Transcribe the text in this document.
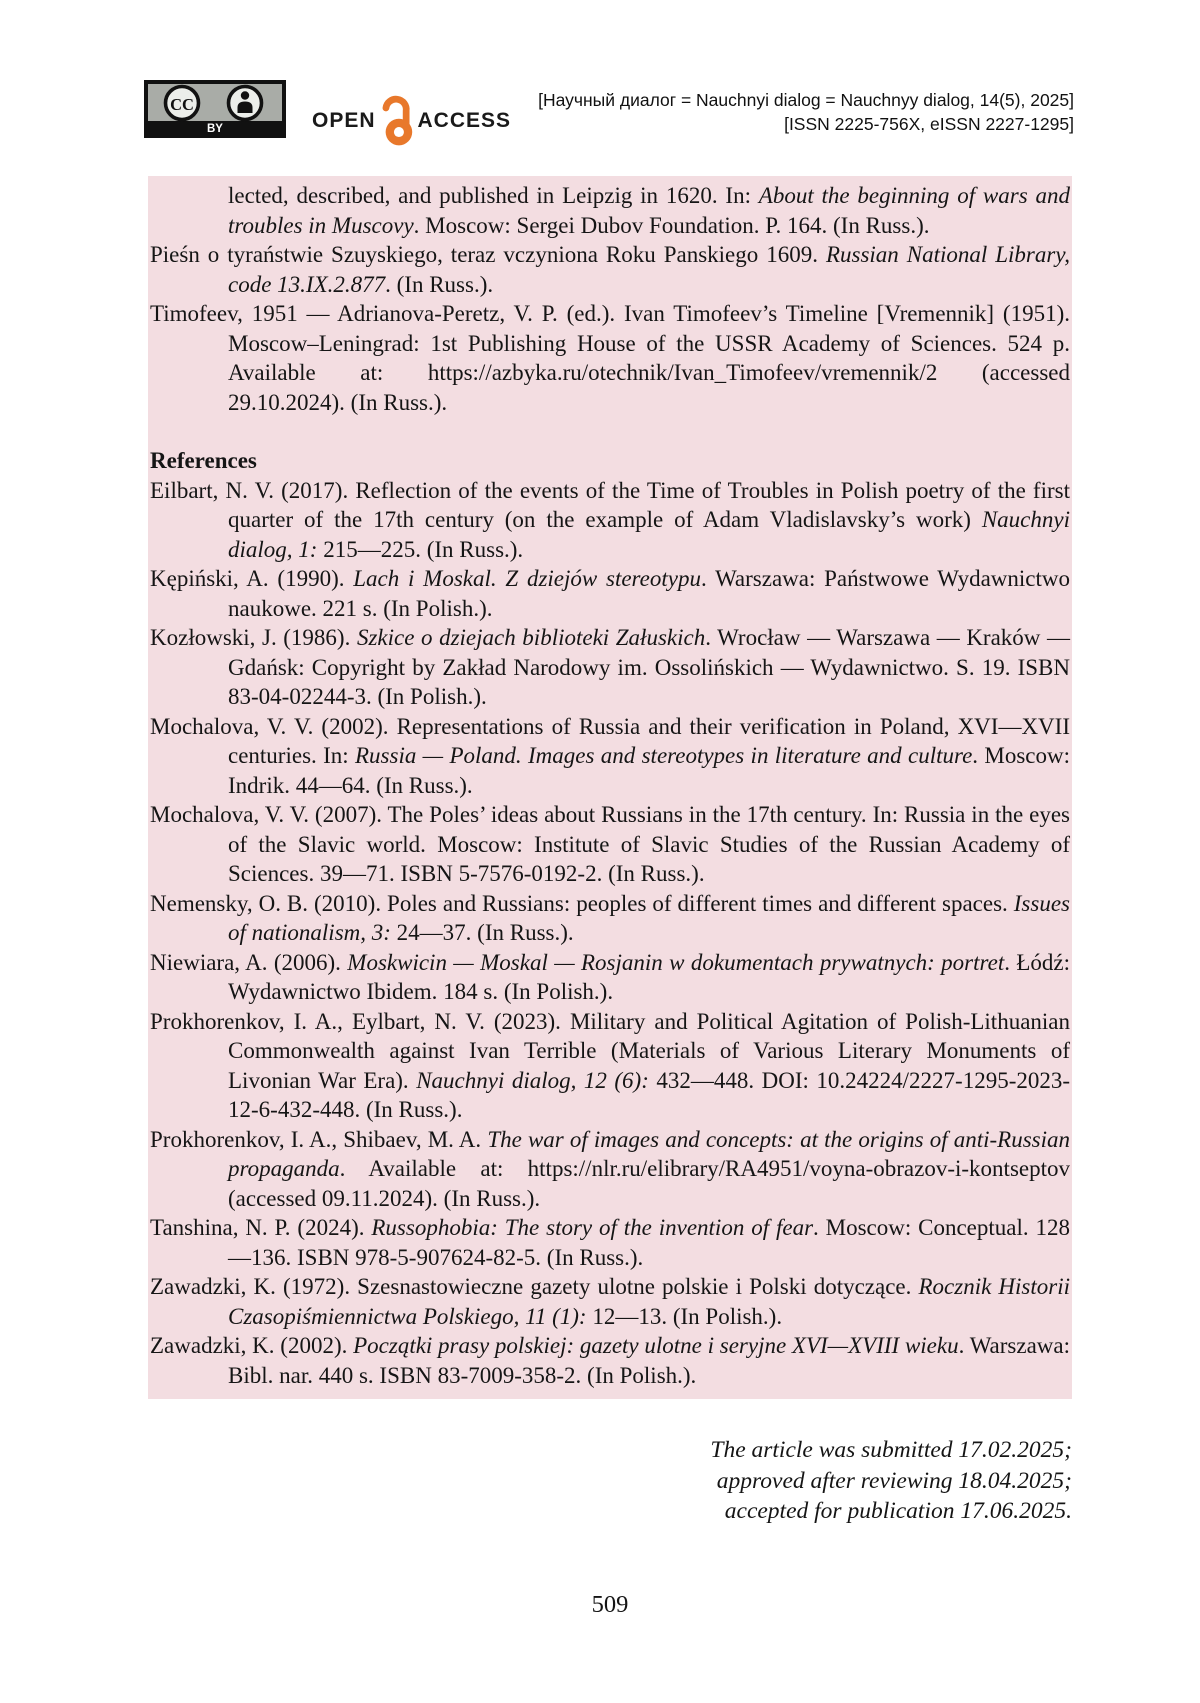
BY
CC
OPEN ACCESS
[Научный диалог = Nauchnyi dialog = Nauchnyy dialog, 14(5), 2025]
[ISSN 2225-756X, eISSN 2227-1295]

lected, described, and published in Leipzig in 1620. In: About the beginning of wars and troubles in Muscovy. Moscow: Sergei Dubov Foundation. P. 164. (In Russ.).

Pieśn o tyraństwie Szuyskiego, teraz vczyniona Roku Panskiego 1609. Russian National Library, code 13.IX.2.877. (In Russ.).

Timofeev, 1951 — Adrianova-Peretz, V. P. (ed.). Ivan Timofeev’s Timeline [Vremennik] (1951). Moscow–Leningrad: 1st Publishing House of the USSR Academy of Sciences. 524 p. Available at: https://azbyka.ru/otechnik/Ivan_Timofeev/vremennik/2 (accessed 29.10.2024). (In Russ.).

References

Eilbart, N. V. (2017). Reflection of the events of the Time of Troubles in Polish poetry of the first quarter of the 17th century (on the example of Adam Vladislavsky’s work) Nauchnyi dialog, 1: 215—225. (In Russ.).

Kępiński, A. (1990). Lach i Moskal. Z dziejów stereotypu. Warszawa: Państwowe Wydawnictwo naukowe. 221 s. (In Polish.).

Kozłowski, J. (1986). Szkice o dziejach biblioteki Załuskich. Wrocław — Warszawa — Kraków — Gdańsk: Copyright by Zakład Narodowy im. Ossolińskich — Wydawnictwo. S. 19. ISBN 83-04-02244-3. (In Polish.).

Mochalova, V. V. (2002). Representations of Russia and their verification in Poland, XVI—XVII centuries. In: Russia — Poland. Images and stereotypes in literature and culture. Moscow: Indrik. 44—64. (In Russ.).

Mochalova, V. V. (2007). The Poles’ ideas about Russians in the 17th century. In: Russia in the eyes of the Slavic world. Moscow: Institute of Slavic Studies of the Russian Academy of Sciences. 39—71. ISBN 5-7576-0192-2. (In Russ.).

Nemensky, O. B. (2010). Poles and Russians: peoples of different times and different spaces. Issues of nationalism, 3: 24—37. (In Russ.).

Niewiara, A. (2006). Moskwicin — Moskal — Rosjanin w dokumentach prywatnych: portret. Łódź: Wydawnictwo Ibidem. 184 s. (In Polish.).

Prokhorenkov, I. A., Eylbart, N. V. (2023). Military and Political Agitation of Polish-Lithuanian Commonwealth against Ivan Terrible (Materials of Various Literary Monuments of Livonian War Era). Nauchnyi dialog, 12 (6): 432—448. DOI: 10.24224/2227-1295-2023-12-6-432-448. (In Russ.).

Prokhorenkov, I. A., Shibaev, M. A. The war of images and concepts: at the origins of anti-Russian propaganda. Available at: https://nlr.ru/elibrary/RA4951/voyna-obrazov-i-kontseptov (accessed 09.11.2024). (In Russ.).

Tanshina, N. P. (2024). Russophobia: The story of the invention of fear. Moscow: Conceptual. 128—136. ISBN 978-5-907624-82-5. (In Russ.).

Zawadzki, K. (1972). Szesnastowieczne gazety ulotne polskie i Polski dotyczące. Rocznik Historii Czasopiśmiennictwa Polskiego, 11 (1): 12—13. (In Polish.).

Zawadzki, K. (2002). Początki prasy polskiej: gazety ulotne i seryjne XVI—XVIII wieku. Warszawa: Bibl. nar. 440 s. ISBN 83-7009-358-2. (In Polish.).

The article was submitted 17.02.2025;
approved after reviewing 18.04.2025;
accepted for publication 17.06.2025.
509
